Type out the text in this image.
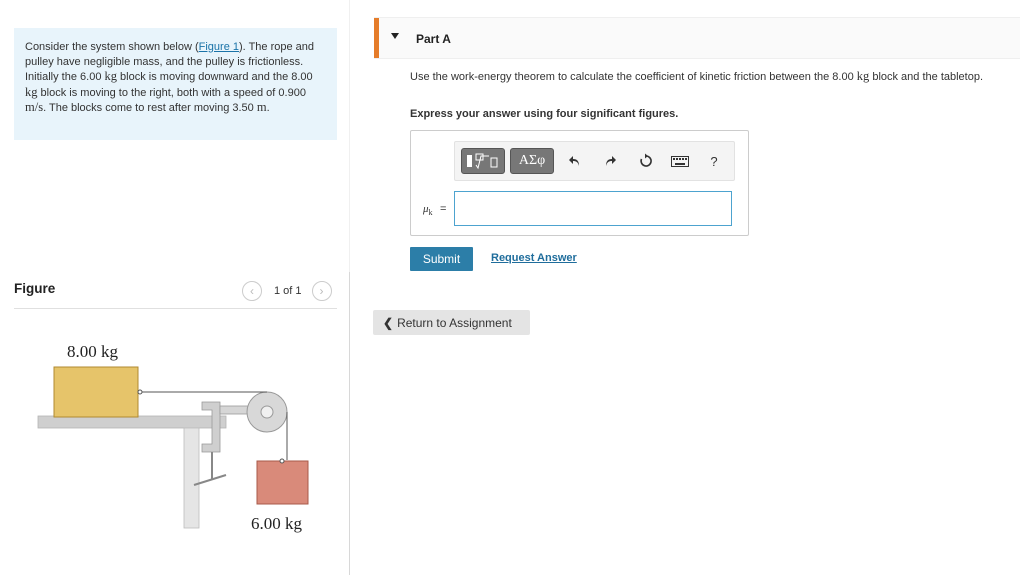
Consider the system shown below (Figure 1). The rope and pulley have negligible mass, and the pulley is frictionless. Initially the 6.00 kg block is moving downward and the 8.00 kg block is moving to the right, both with a speed of 0.900 m/s. The blocks come to rest after moving 3.50 m.
Figure	‹	1 of 1	›
8.00 kg
6.00 kg
Part A
Use the work-energy theorem to calculate the coefficient of kinetic friction between the 8.00 kg block and the tabletop.
Express your answer using four significant figures.
ΑΣφ	?
$\mu_k$ =
Submit	Request Answer
❮ Return to Assignment
